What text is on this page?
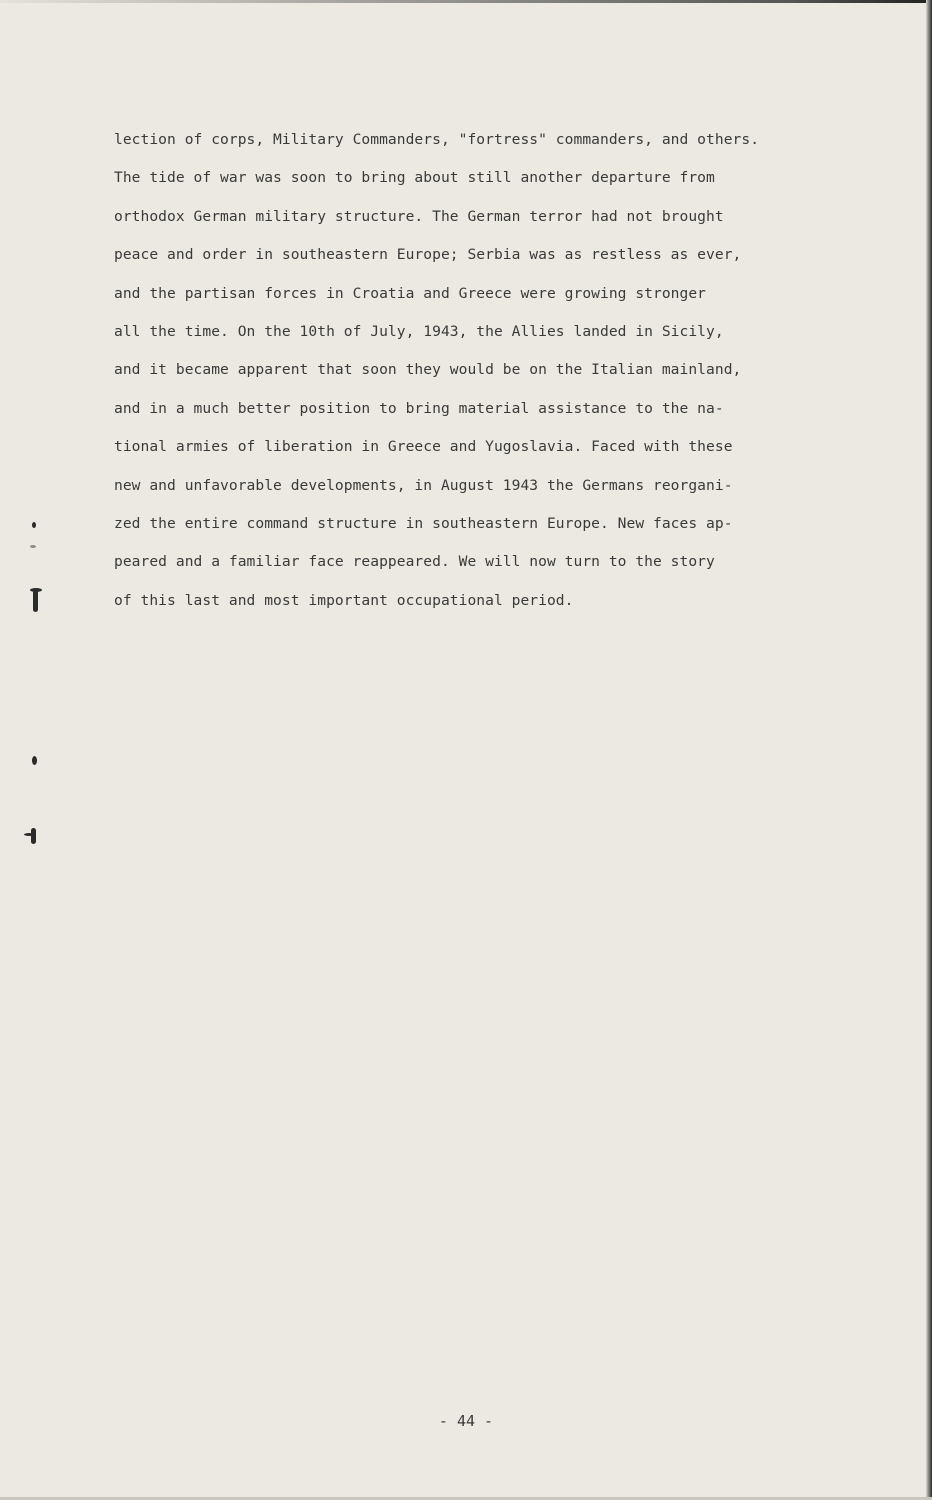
lection of corps, Military Commanders, "fortress" commanders, and others.
The tide of war was soon to bring about still another departure from
orthodox German military structure. The German terror had not brought
peace and order in southeastern Europe; Serbia was as restless as ever,
and the partisan forces in Croatia and Greece were growing stronger
all the time. On the 10th of July, 1943, the Allies landed in Sicily,
and it became apparent that soon they would be on the Italian mainland,
and in a much better position to bring material assistance to the na-
tional armies of liberation in Greece and Yugoslavia. Faced with these
new and unfavorable developments, in August 1943 the Germans reorgani-
zed the entire command structure in southeastern Europe. New faces ap-
peared and a familiar face reappeared. We will now turn to the story
of this last and most important occupational period.
- 44 -
